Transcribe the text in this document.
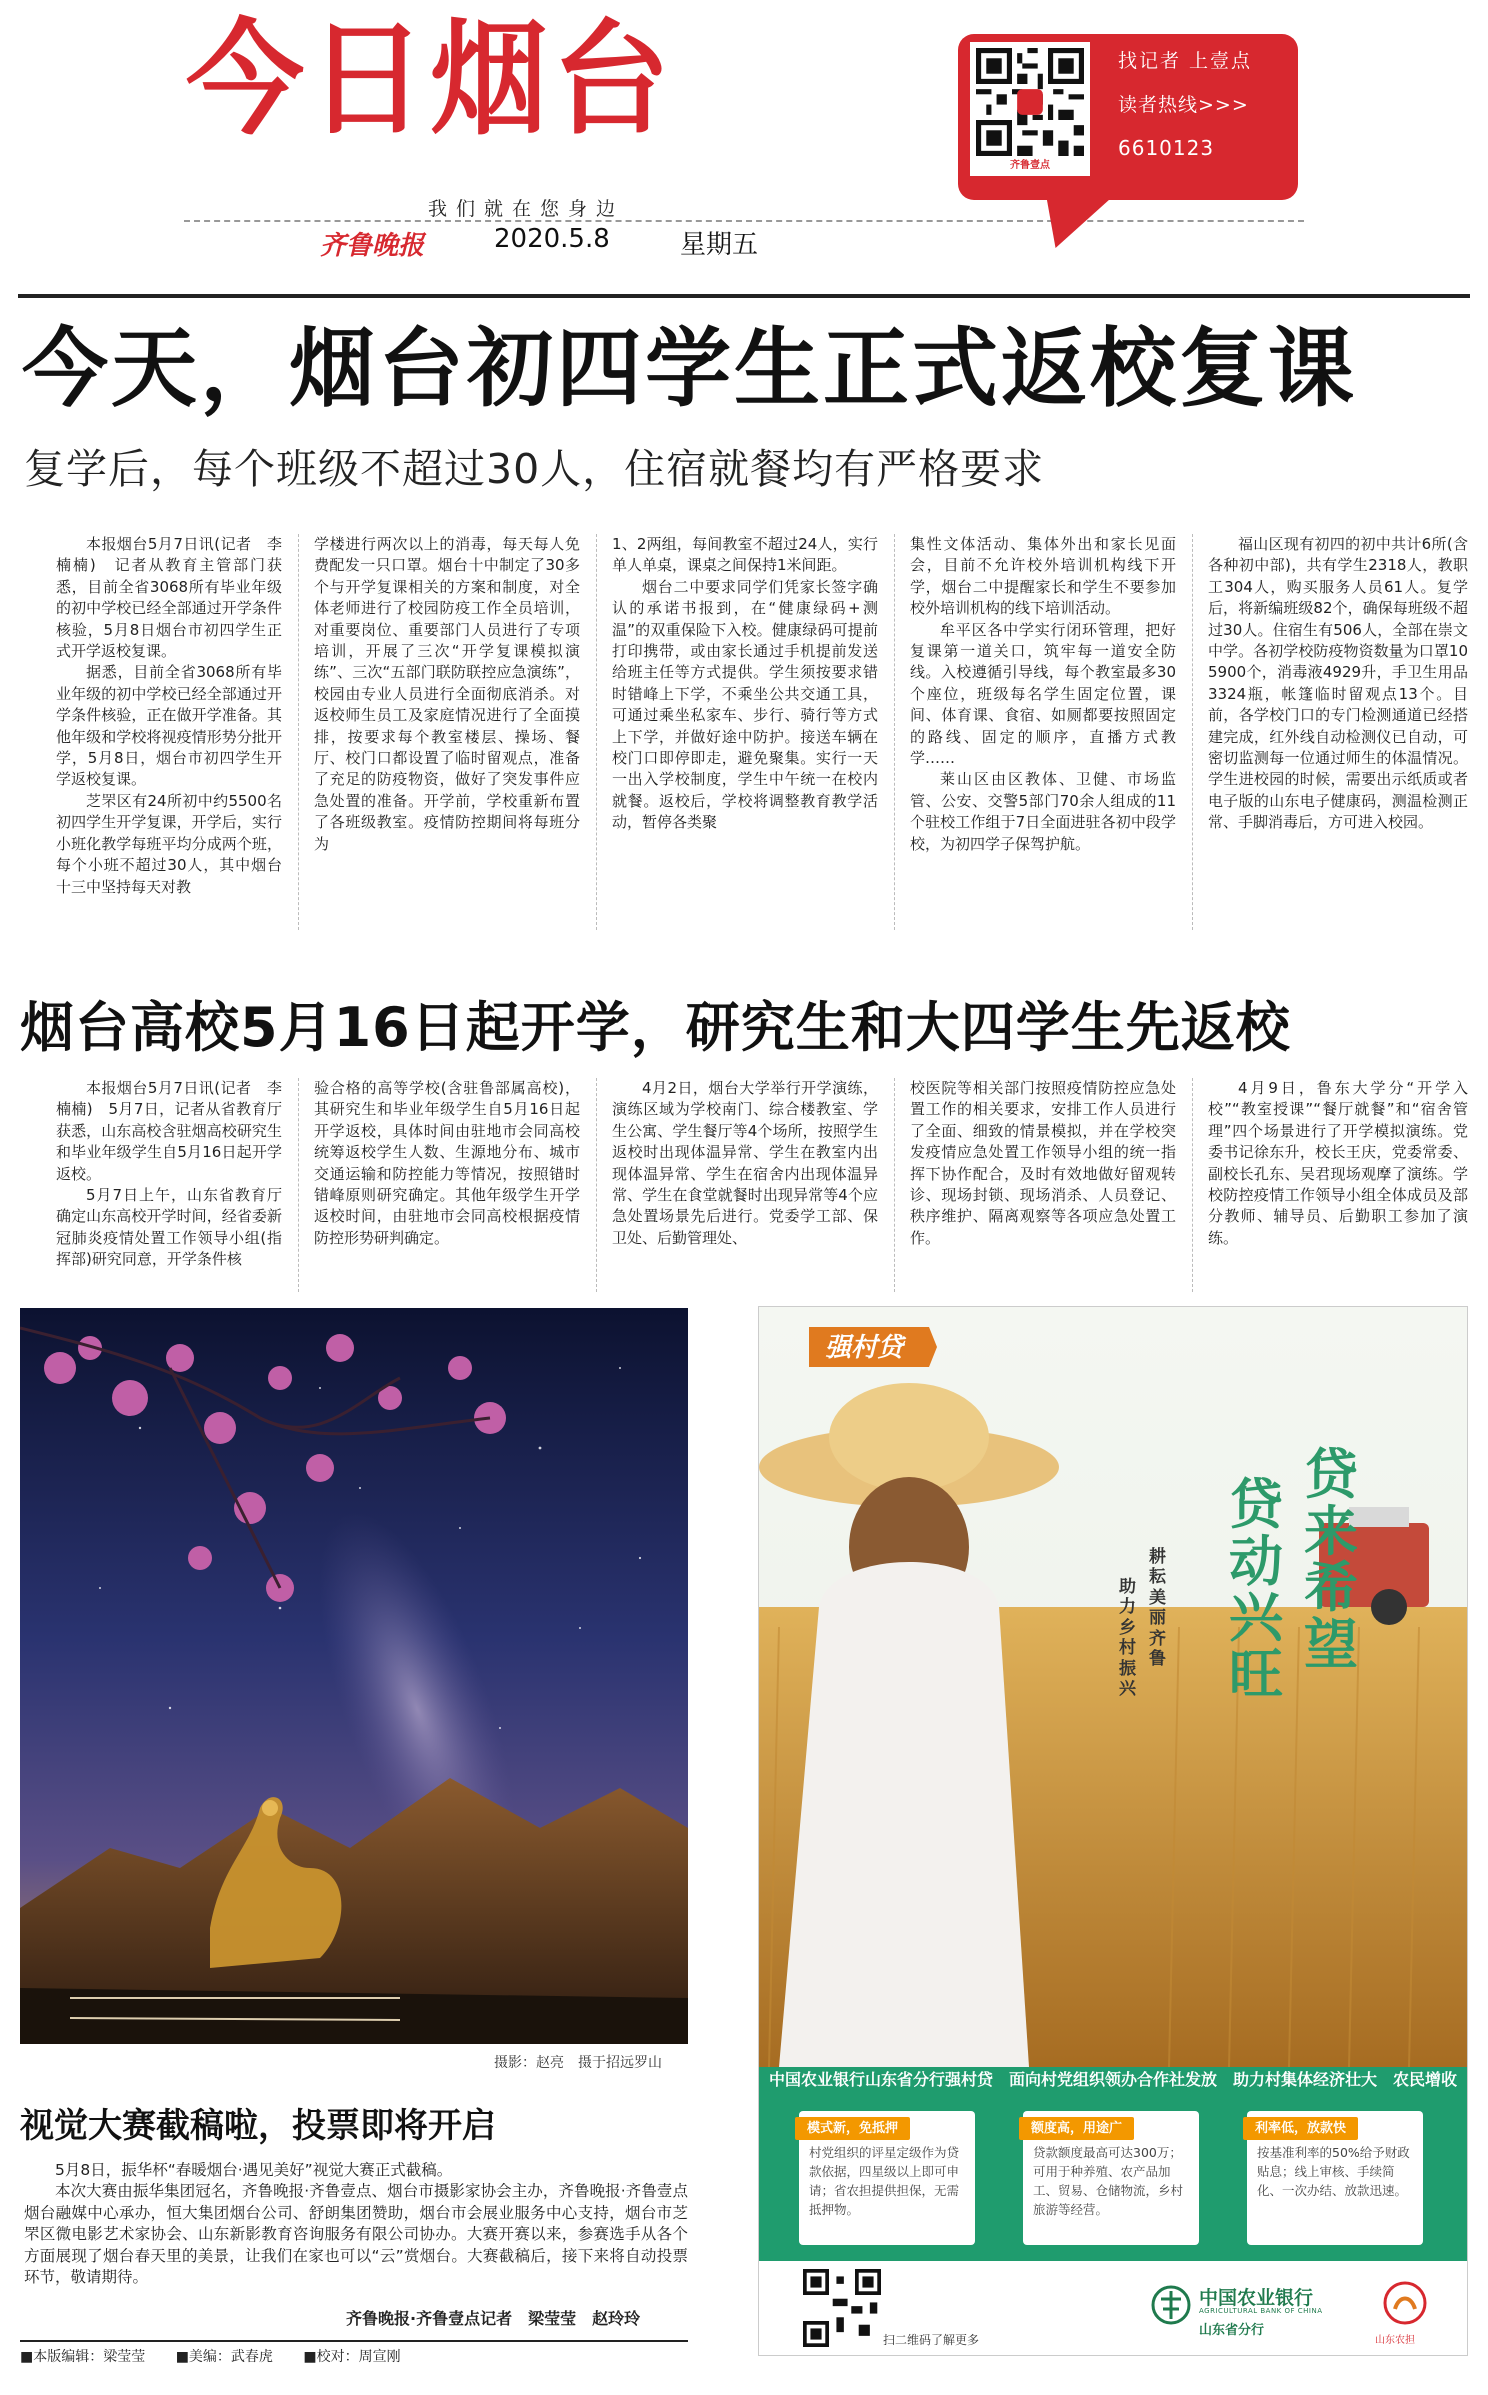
今日烟台
我们就在您身边
齐鲁晚报	2020.5.8	星期五
齐鲁壹点
找记者 上壹点
读者热线>>>
6610123
今天，烟台初四学生正式返校复课
复学后，每个班级不超过30人，住宿就餐均有严格要求

本报烟台5月7日讯(记者　李楠楠)　记者从教育主管部门获悉，目前全省3068所有毕业年级的初中学校已经全部通过开学条件核验，5月8日烟台市初四学生正式开学返校复课。

据悉，目前全省3068所有毕业年级的初中学校已经全部通过开学条件核验，正在做开学准备。其他年级和学校将视疫情形势分批开学，5月8日，烟台市初四学生开学返校复课。

芝罘区有24所初中约5500名初四学生开学复课，开学后，实行小班化教学每班平均分成两个班，每个小班不超过30人，其中烟台十三中坚持每天对教

学楼进行两次以上的消毒，每天每人免费配发一只口罩。烟台十中制定了30多个与开学复课相关的方案和制度，对全体老师进行了校园防疫工作全员培训，对重要岗位、重要部门人员进行了专项培训，开展了三次“开学复课模拟演练”、三次“五部门联防联控应急演练”，校园由专业人员进行全面彻底消杀。对返校师生员工及家庭情况进行了全面摸排，按要求每个教室楼层、操场、餐厅、校门口都设置了临时留观点，准备了充足的防疫物资，做好了突发事件应急处置的准备。开学前，学校重新布置了各班级教室。疫情防控期间将每班分为

1、2两组，每间教室不超过24人，实行单人单桌，课桌之间保持1米间距。

烟台二中要求同学们凭家长签字确认的承诺书报到，在“健康绿码+测温”的双重保险下入校。健康绿码可提前打印携带，或由家长通过手机提前发送给班主任等方式提供。学生须按要求错时错峰上下学，不乘坐公共交通工具，可通过乘坐私家车、步行、骑行等方式上下学，并做好途中防护。接送车辆在校门口即停即走，避免聚集。实行一天一出入学校制度，学生中午统一在校内就餐。返校后，学校将调整教育教学活动，暂停各类聚

集性文体活动、集体外出和家长见面会，目前不允许校外培训机构线下开学，烟台二中提醒家长和学生不要参加校外培训机构的线下培训活动。

牟平区各中学实行闭环管理，把好复课第一道关口，筑牢每一道安全防线。入校遵循引导线，每个教室最多30个座位，班级每名学生固定位置，课间、体育课、食宿、如厕都要按照固定的路线、固定的顺序，直播方式教学……

莱山区由区教体、卫健、市场监管、公安、交警5部门70余人组成的11个驻校工作组于7日全面进驻各初中段学校，为初四学子保驾护航。

福山区现有初四的初中共计6所(含各种初中部)，共有学生2318人，教职工304人，购买服务人员61人。复学后，将新编班级82个，确保每班级不超过30人。住宿生有506人，全部在崇文中学。各初学校防疫物资数量为口罩105900个，消毒液4929升，手卫生用品3324瓶，帐篷临时留观点13个。目前，各学校门口的专门检测通道已经搭建完成，红外线自动检测仪已自动，可密切监测每一位通过师生的体温情况。学生进校园的时候，需要出示纸质或者电子版的山东电子健康码，测温检测正常、手脚消毒后，方可进入校园。

烟台高校5月16日起开学，研究生和大四学生先返校

本报烟台5月7日讯(记者　李楠楠)　5月7日，记者从省教育厅获悉，山东高校含驻烟高校研究生和毕业年级学生自5月16日起开学返校。

5月7日上午，山东省教育厅确定山东高校开学时间，经省委新冠肺炎疫情处置工作领导小组(指挥部)研究同意，开学条件核

验合格的高等学校(含驻鲁部属高校)，其研究生和毕业年级学生自5月16日起开学返校，具体时间由驻地市会同高校统筹返校学生人数、生源地分布、城市交通运输和防控能力等情况，按照错时错峰原则研究确定。其他年级学生开学返校时间，由驻地市会同高校根据疫情防控形势研判确定。

4月2日，烟台大学举行开学演练，演练区域为学校南门、综合楼教室、学生公寓、学生餐厅等4个场所，按照学生返校时出现体温异常、学生在教室内出现体温异常、学生在宿舍内出现体温异常、学生在食堂就餐时出现异常等4个应急处置场景先后进行。党委学工部、保卫处、后勤管理处、

校医院等相关部门按照疫情防控应急处置工作的相关要求，安排工作人员进行了全面、细致的情景模拟，并在学校突发疫情应急处置工作领导小组的统一指挥下协作配合，及时有效地做好留观转诊、现场封锁、现场消杀、人员登记、秩序维护、隔离观察等各项应急处置工作。

4月9日，鲁东大学分“开学入校”“教室授课”“餐厅就餐”和“宿舍管理”四个场景进行了开学模拟演练。党委书记徐东升，校长王庆，党委常委、副校长孔东、吴君现场观摩了演练。学校防控疫情工作领导小组全体成员及部分教师、辅导员、后勤职工参加了演练。

摄影：赵亮　摄于招远罗山
视觉大赛截稿啦，投票即将开启

5月8日，振华杯“春暖烟台·遇见美好”视觉大赛正式截稿。

本次大赛由振华集团冠名，齐鲁晚报·齐鲁壹点、烟台市摄影家协会主办，齐鲁晚报·齐鲁壹点烟台融媒中心承办，恒大集团烟台公司、舒朗集团赞助，烟台市会展业服务中心支持，烟台市芝罘区微电影艺术家协会、山东新影教育咨询服务有限公司协办。大赛开赛以来，参赛选手从各个方面展现了烟台春天里的美景，让我们在家也可以“云”赏烟台。大赛截稿后，接下来将自动投票环节，敬请期待。

齐鲁晚报·齐鲁壹点记者　梁莹莹　赵玲玲
强村贷
贷来希望
贷动兴旺
耕耘美丽齐鲁
助力乡村振兴
中国农业银行山东省分行强村贷　面向村党组织领办合作社发放　助力村集体经济壮大　农民增收
模式新，免抵押
村党组织的评星定级作为贷款依据，四星级以上即可申请；省农担提供担保，无需抵押物。
额度高，用途广
贷款额度最高可达300万；可用于种养殖、农产品加工、贸易、仓储物流，乡村旅游等经营。
利率低，放款快
按基准利率的50%给予财政贴息；线上审核、手续简化、一次办结、放款迅速。
扫二维码了解更多
中国农业银行
AGRICULTURAL BANK OF CHINA
山东省分行
山东农担
■本版编辑：梁莹莹 ■美编：武春虎 ■校对：周宣刚
